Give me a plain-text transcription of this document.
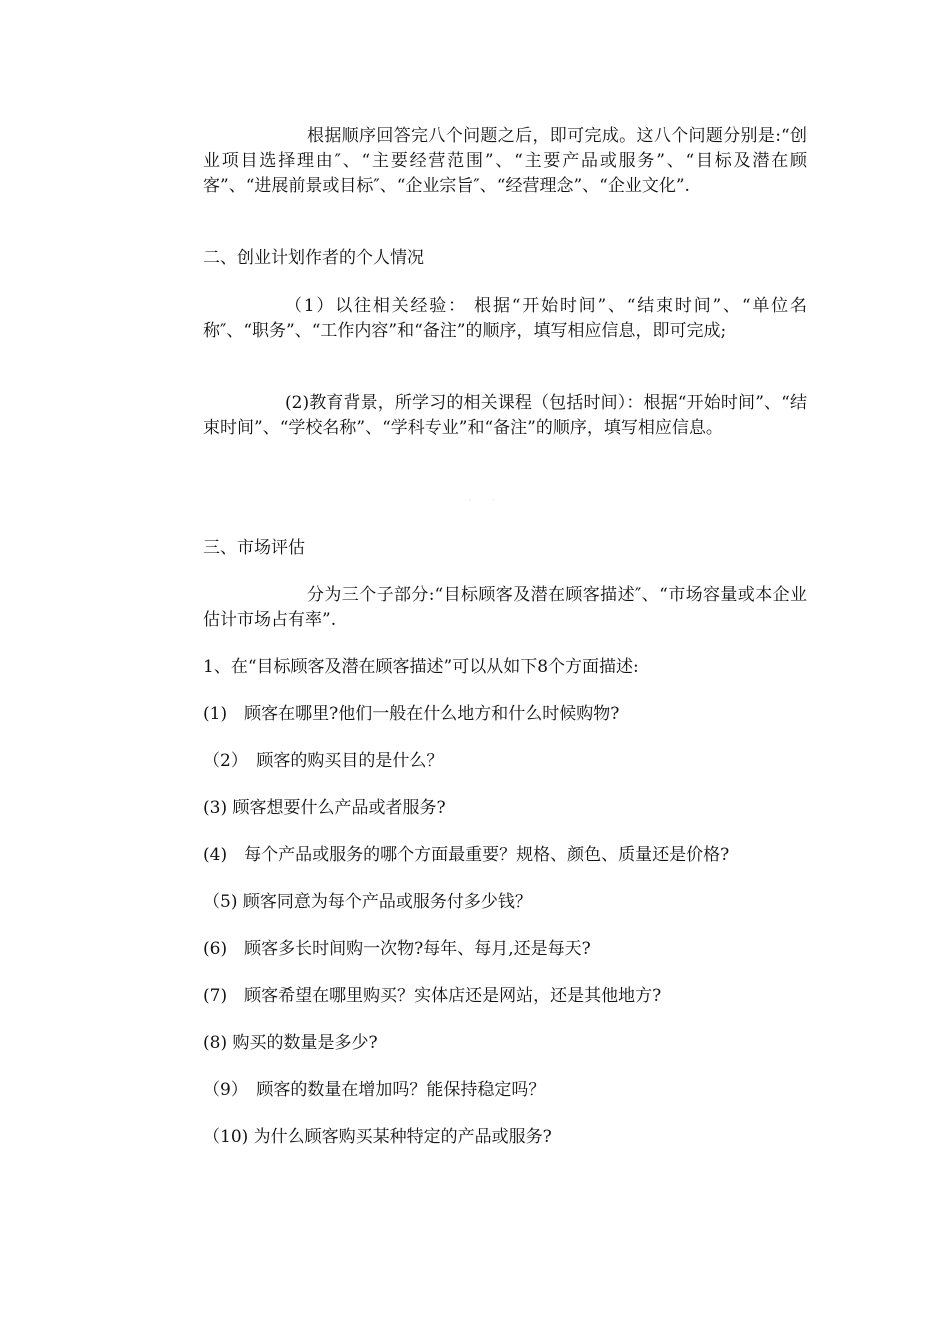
根据顺序回答完八个问题之后，即可完成。这八个问题分别是:“创业项目选择理由″、“主要经营范围”、“主要产品或服务”、“目标及潜在顾客”、“进展前景或目标″、“企业宗旨″、“经营理念”、“企业文化”.

二、创业计划作者的个人情况

（1）以往相关经验： 根据“开始时间”、“结束时间”、“单位名称″、“职务”、“工作内容”和“备注”的顺序，填写相应信息，即可完成;

(2)教育背景，所学习的相关课程（包括时间）：根据“开始时间”、“结束时间”、“学校名称”、“学科专业”和“备注”的顺序，填写相应信息。

· ·

三、市场评估

分为三个子部分:“目标顾客及潜在顾客描述″、“市场容量或本企业估计市场占有率”.

1、在“目标顾客及潜在顾客描述”可以从如下8个方面描述:

(1)　顾客在哪里?他们一般在什么地方和什么时候购物?

（2）　顾客的购买目的是什么？

(3) 顾客想要什么产品或者服务?

(4)　每个产品或服务的哪个方面最重要？规格、颜色、质量还是价格?

（5) 顾客同意为每个产品或服务付多少钱？

(6)　顾客多长时间购一次物?每年、每月,还是每天?

(7)　顾客希望在哪里购买？实体店还是网站，还是其他地方?

(8) 购买的数量是多少?

（9）　顾客的数量在增加吗？能保持稳定吗？

（10) 为什么顾客购买某种特定的产品或服务?
